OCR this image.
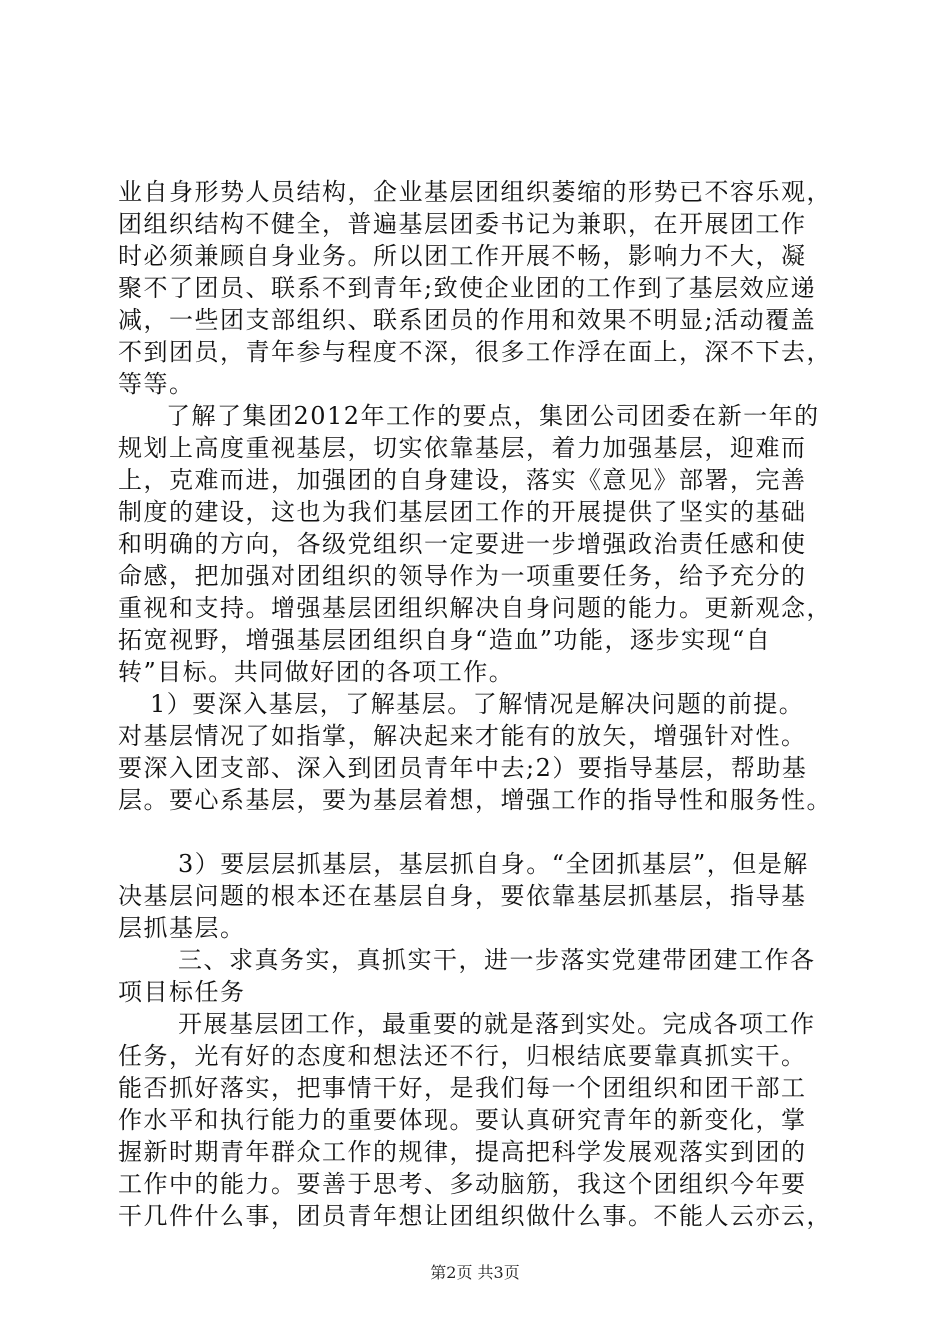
业自身形势人员结构，企业基层团组织萎缩的形势已不容乐观，
团组织结构不健全，普遍基层团委书记为兼职，在开展团工作
时必须兼顾自身业务。所以团工作开展不畅，影响力不大，凝
聚不了团员、联系不到青年;致使企业团的工作到了基层效应递
减，一些团支部组织、联系团员的作用和效果不明显;活动覆盖
不到团员，青年参与程度不深，很多工作浮在面上，深不下去，
等等。
了解了集团2012年工作的要点，集团公司团委在新一年的
规划上高度重视基层，切实依靠基层，着力加强基层，迎难而
上，克难而进，加强团的自身建设，落实《意见》部署，完善
制度的建设，这也为我们基层团工作的开展提供了坚实的基础
和明确的方向，各级党组织一定要进一步增强政治责任感和使
命感，把加强对团组织的领导作为一项重要任务，给予充分的
重视和支持。增强基层团组织解决自身问题的能力。更新观念，
拓宽视野，增强基层团组织自身“造血”功能，逐步实现“自
转”目标。共同做好团的各项工作。
1）要深入基层，了解基层。了解情况是解决问题的前提。
对基层情况了如指掌，解决起来才能有的放矢，增强针对性。
要深入团支部、深入到团员青年中去;2）要指导基层，帮助基
层。要心系基层，要为基层着想，增强工作的指导性和服务性。
3）要层层抓基层，基层抓自身。“全团抓基层”，但是解
决基层问题的根本还在基层自身，要依靠基层抓基层，指导基
层抓基层。
三、求真务实，真抓实干，进一步落实党建带团建工作各
项目标任务
开展基层团工作，最重要的就是落到实处。完成各项工作
任务，光有好的态度和想法还不行，归根结底要靠真抓实干。
能否抓好落实，把事情干好，是我们每一个团组织和团干部工
作水平和执行能力的重要体现。要认真研究青年的新变化，掌
握新时期青年群众工作的规律，提高把科学发展观落实到团的
工作中的能力。要善于思考、多动脑筋，我这个团组织今年要
干几件什么事，团员青年想让团组织做什么事。不能人云亦云，
第2页 共3页
